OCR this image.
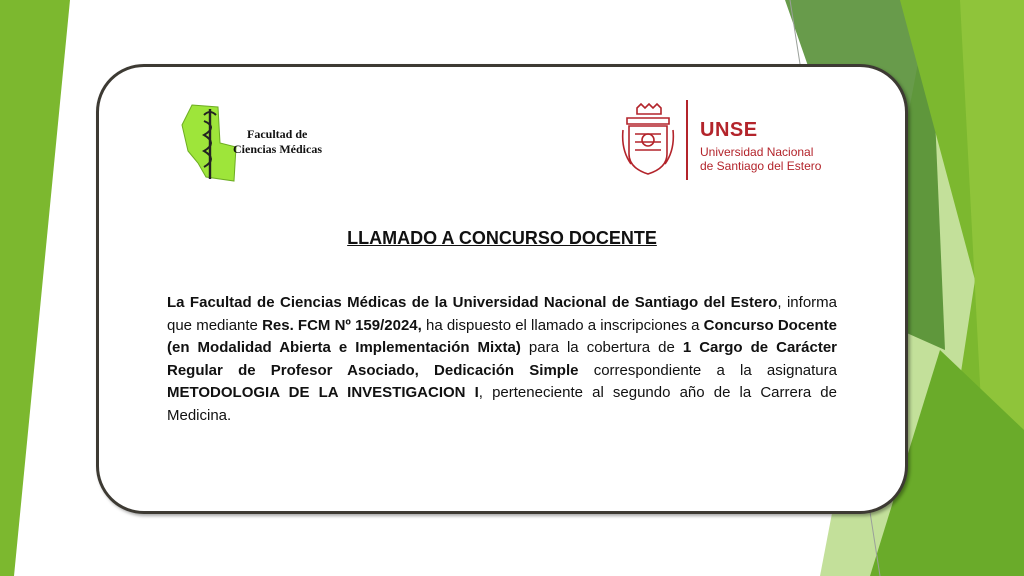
Facultad de
Ciencias Médicas
UNSE
Universidad Nacional
de Santiago del Estero
LLAMADO A CONCURSO DOCENTE
La Facultad de Ciencias Médicas de la Universidad Nacional de Santiago del Estero, informa que mediante Res. FCM Nº 159/2024, ha dispuesto el llamado a inscripciones a Concurso Docente (en Modalidad Abierta e Implementación Mixta) para la cobertura de 1 Cargo de Carácter Regular de Profesor Asociado, Dedicación Simple correspondiente a la asignatura METODOLOGIA DE LA INVESTIGACION I, perteneciente al segundo año de la Carrera de Medicina.
